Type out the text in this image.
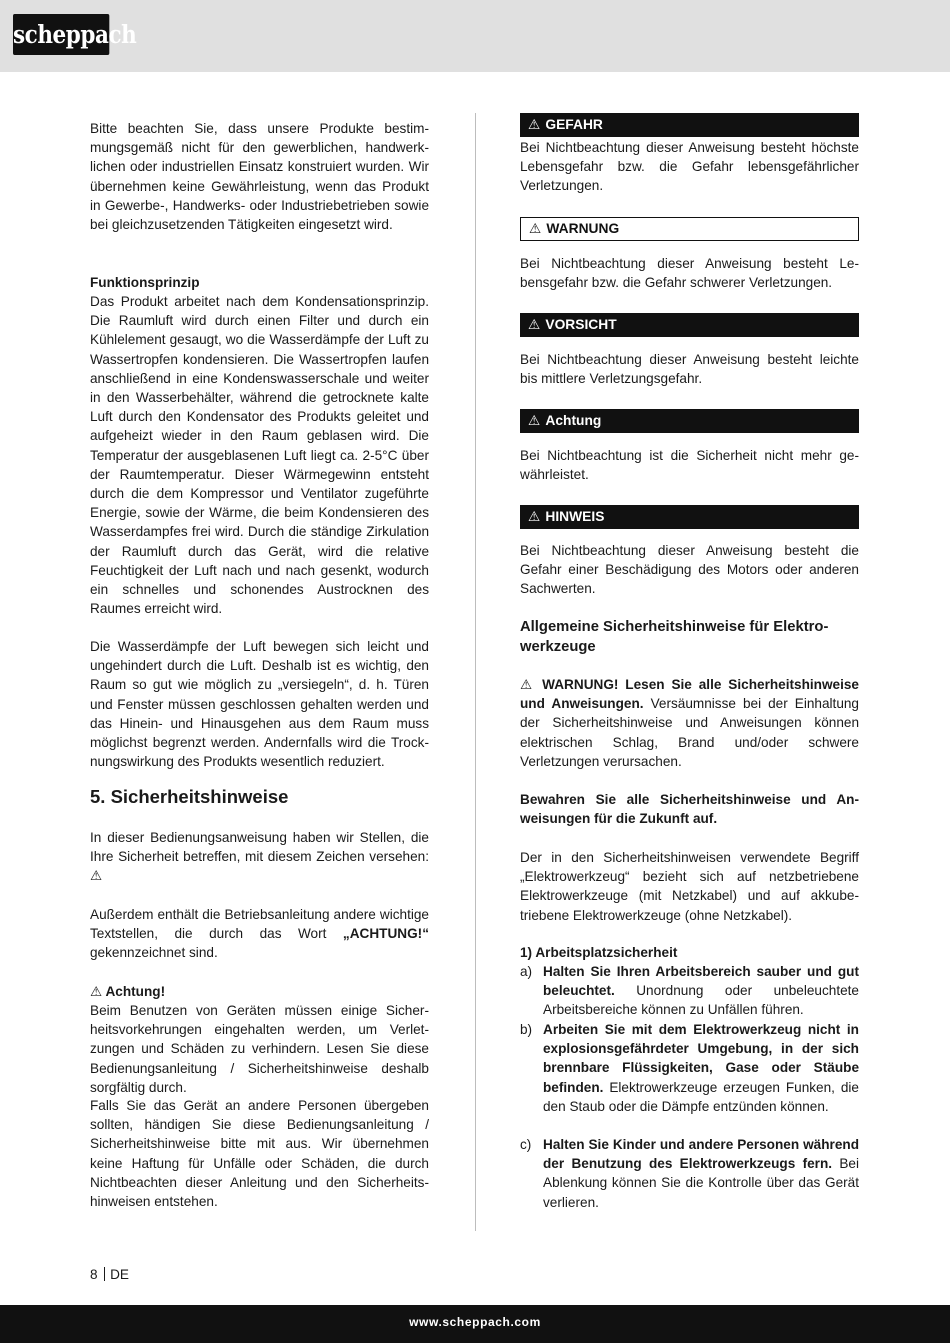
scheppach

Bitte beachten Sie, dass unsere Produkte bestimmungsgemäß nicht für den gewerblichen, handwerklichen oder industriellen Einsatz konstruiert wurden. Wir übernehmen keine Gewährleistung, wenn das Produkt in Gewerbe-, Handwerks- oder Industriebetrieben sowie bei gleichzusetzenden Tätigkeiten eingesetzt wird.

Funktionsprinzip

Das Produkt arbeitet nach dem Kondensationsprinzip. Die Raumluft wird durch einen Filter und durch ein Kühlelement gesaugt, wo die Wasserdämpfe der Luft zu Wassertropfen kondensieren. Die Wassertropfen laufen anschließend in eine Kondenswasserschale und weiter in den Wasserbehälter, während die getrocknete kalte Luft durch den Kondensator des Produkts geleitet und aufgeheizt wieder in den Raum geblasen wird. Die Temperatur der ausgeblasenen Luft liegt ca. 2-5°C über der Raumtemperatur. Dieser Wärmegewinn entsteht durch die dem Kompressor und Ventilator zugeführte Energie, sowie der Wärme, die beim Kondensieren des Wasserdampfes frei wird. Durch die ständige Zirkulation der Raumluft durch das Gerät, wird die relative Feuchtigkeit der Luft nach und nach gesenkt, wodurch ein schnelles und schonendes Austrocknen des Raumes erreicht wird.

Die Wasserdämpfe der Luft bewegen sich leicht und ungehindert durch die Luft. Deshalb ist es wichtig, den Raum so gut wie möglich zu „versiegeln“, d. h. Türen und Fenster müssen geschlossen gehalten werden und das Hinein- und Hinausgehen aus dem Raum muss möglichst begrenzt werden. Andernfalls wird die Trocknungswirkung des Produkts wesentlich reduziert.

5. Sicherheitshinweise

In dieser Bedienungsanweisung haben wir Stellen, die Ihre Sicherheit betreffen, mit diesem Zeichen versehen: ⚠

Außerdem enthält die Betriebsanleitung andere wichtige Textstellen, die durch das Wort „ACHTUNG!“ gekennzeichnet sind.

⚠ Achtung!

Beim Benutzen von Geräten müssen einige Sicherheitsvorkehrungen eingehalten werden, um Verletzungen und Schäden zu verhindern. Lesen Sie diese Bedienungsanleitung / Sicherheitshinweise deshalb sorgfältig durch.

Falls Sie das Gerät an andere Personen übergeben sollten, händigen Sie diese Bedienungsanleitung / Sicherheitshinweise bitte mit aus. Wir übernehmen keine Haftung für Unfälle oder Schäden, die durch Nichtbeachten dieser Anleitung und den Sicherheitshinweisen entstehen.

⚠ GEFAHR

Bei Nichtbeachtung dieser Anweisung besteht höchste Lebensgefahr bzw. die Gefahr lebensgefährlicher Verletzungen.

⚠ WARNUNG

Bei Nichtbeachtung dieser Anweisung besteht Lebensgefahr bzw. die Gefahr schwerer Verletzungen.

⚠ VORSICHT

Bei Nichtbeachtung dieser Anweisung besteht leichte bis mittlere Verletzungsgefahr.

⚠ Achtung

Bei Nichtbeachtung ist die Sicherheit nicht mehr gewährleistet.

⚠ HINWEIS

Bei Nichtbeachtung dieser Anweisung besteht die Gefahr einer Beschädigung des Motors oder anderen Sachwerten.

Allgemeine Sicherheitshinweise für Elektrowerkzeuge

⚠ WARNUNG! Lesen Sie alle Sicherheitshinweise und Anweisungen. Versäumnisse bei der Einhaltung der Sicherheitshinweise und Anweisungen können elektrischen Schlag, Brand und/oder schwere Verletzungen verursachen.

Bewahren Sie alle Sicherheitshinweise und Anweisungen für die Zukunft auf.

Der in den Sicherheitshinweisen verwendete Begriff „Elektrowerkzeug“ bezieht sich auf netzbetriebene Elektrowerkzeuge (mit Netzkabel) und auf akkubetriebene Elektrowerkzeuge (ohne Netzkabel).

1) Arbeitsplatzsicherheit

a) Halten Sie Ihren Arbeitsbereich sauber und gut beleuchtet. Unordnung oder unbeleuchtete Arbeitsbereiche können zu Unfällen führen.
b) Arbeiten Sie mit dem Elektrowerkzeug nicht in explosionsgefährdeter Umgebung, in der sich brennbare Flüssigkeiten, Gase oder Stäube befinden. Elektrowerkzeuge erzeugen Funken, die den Staub oder die Dämpfe entzünden können.
c) Halten Sie Kinder und andere Personen während der Benutzung des Elektrowerkzeugs fern. Bei Ablenkung können Sie die Kontrolle über das Gerät verlieren.
8 DE
www.scheppach.com
